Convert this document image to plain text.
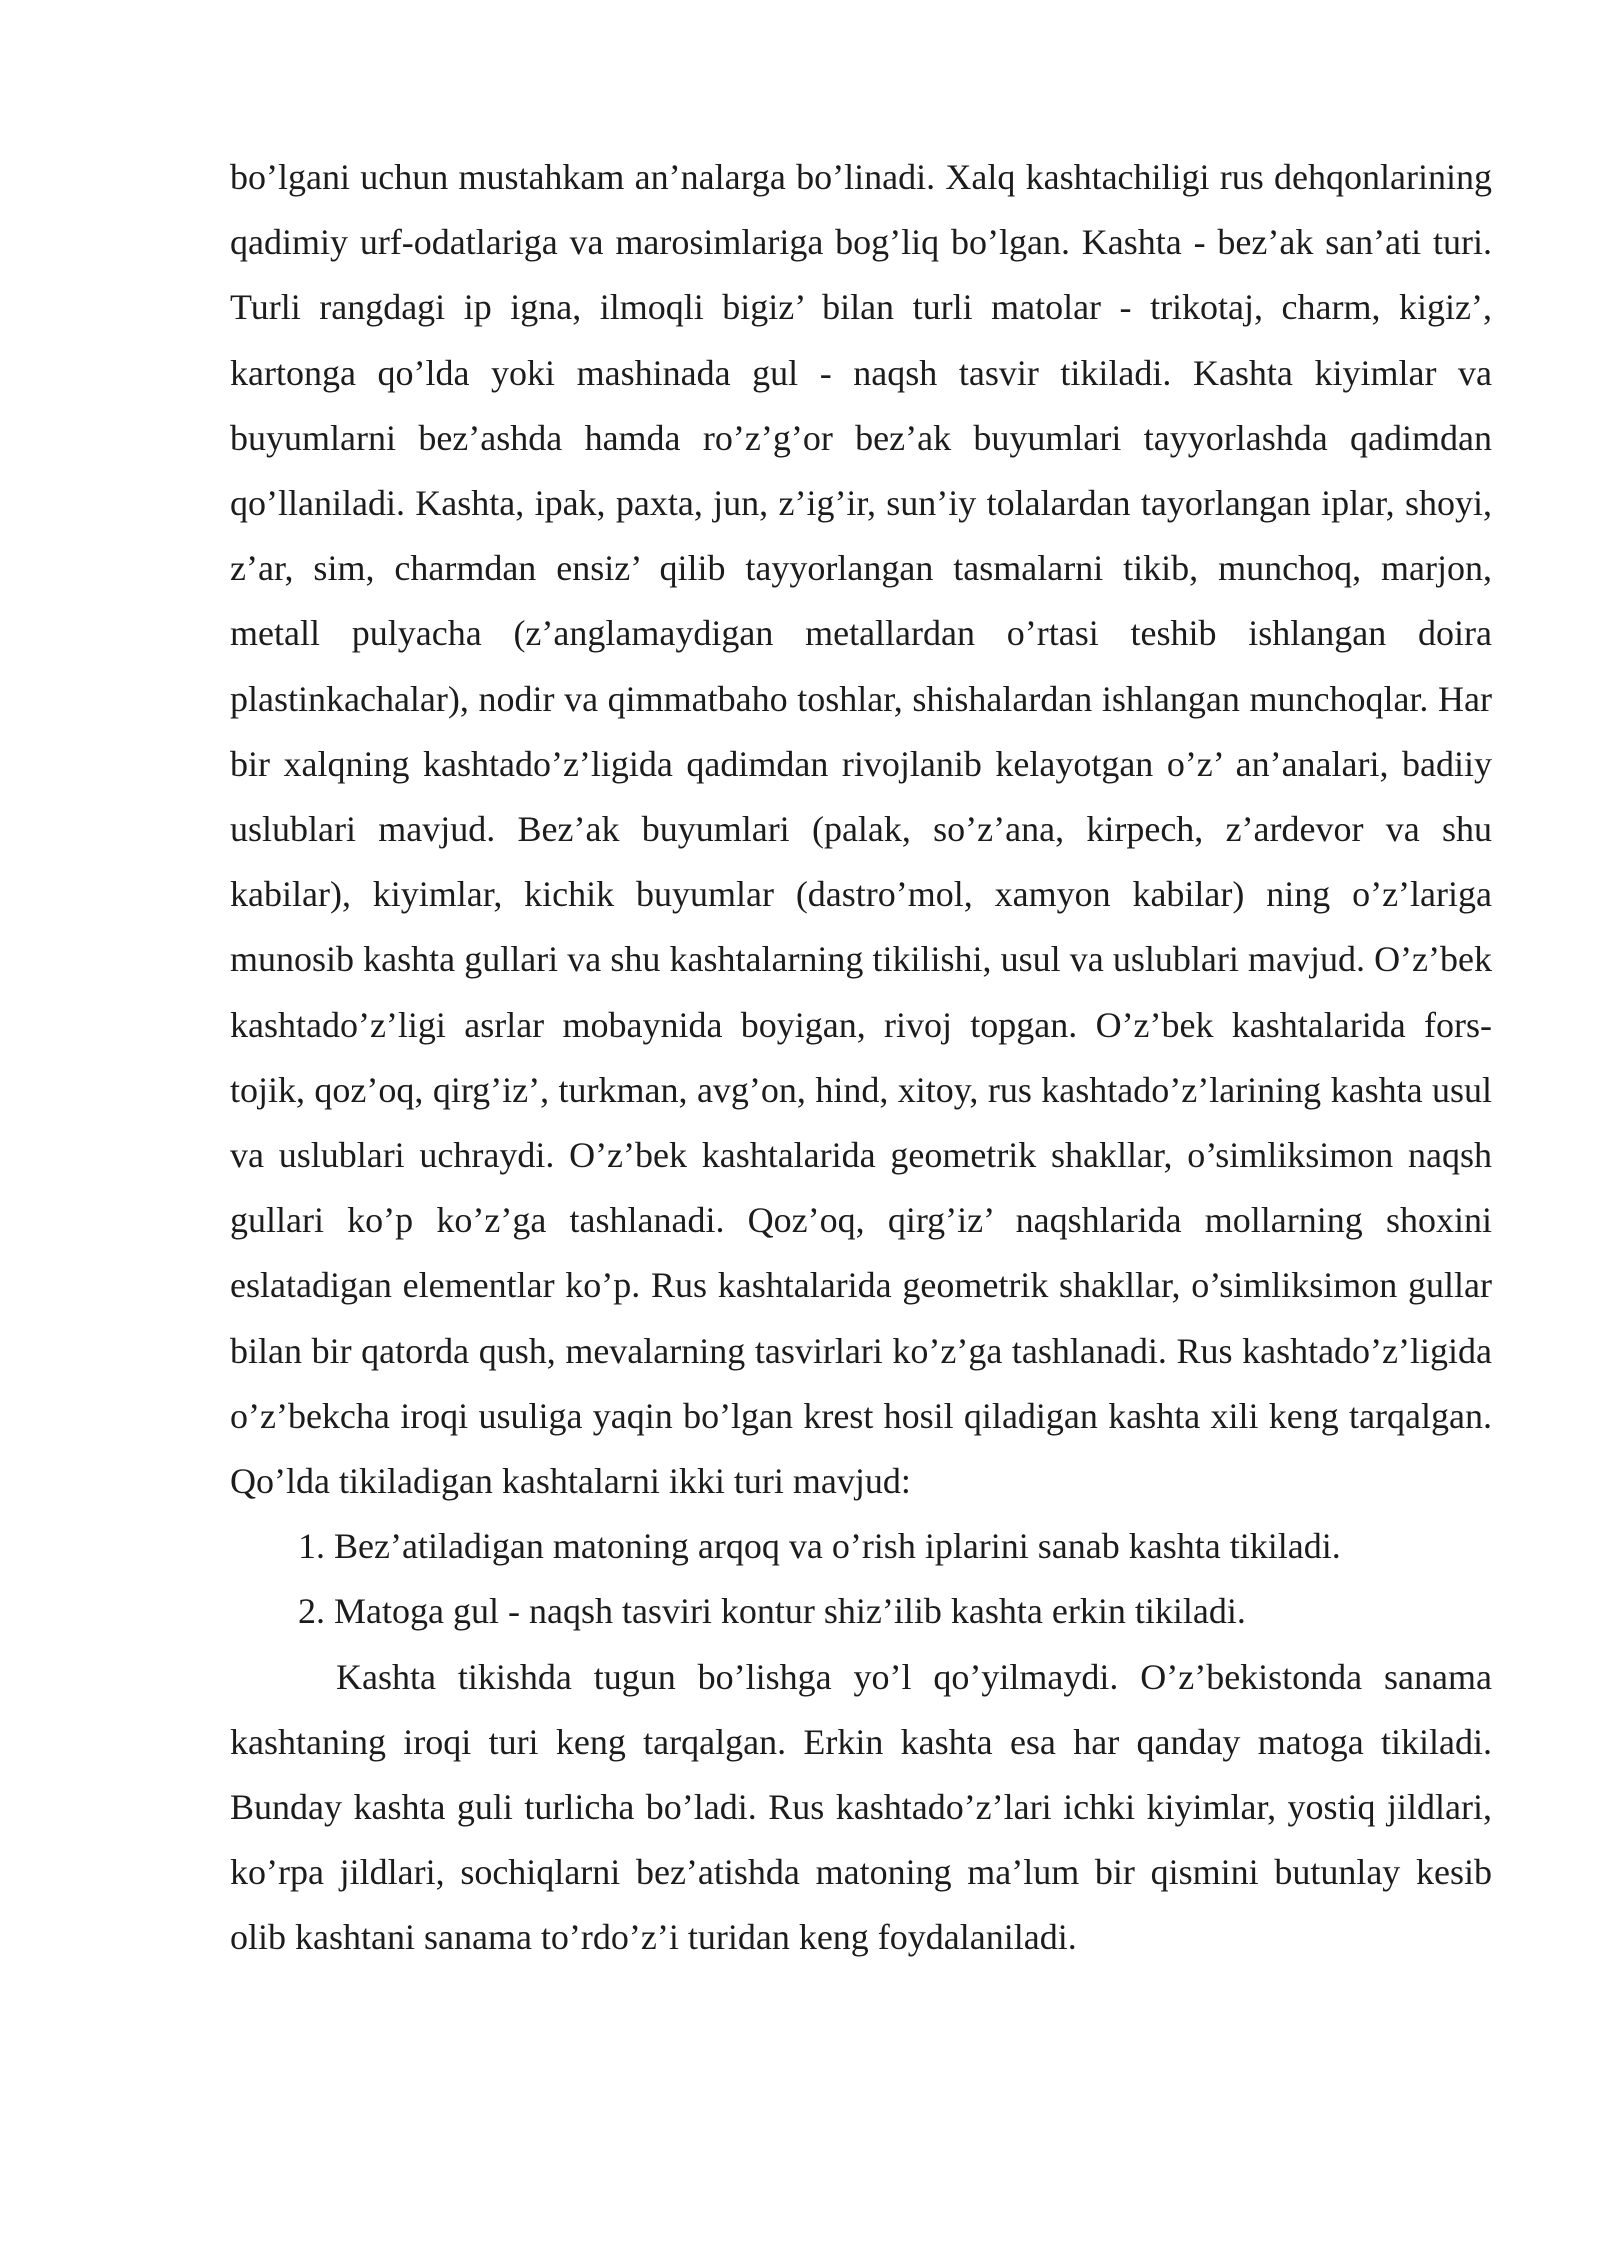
bo’lgani uchun mustahkam an’nalarga bo’linadi. Xalq kashtachiligi rus dehqonlarining qadimiy urf-odatlariga va marosimlariga bog’liq bo’lgan. Kashta - bez’ak san’ati turi. Turli rangdagi ip igna, ilmoqli bigiz’ bilan turli matolar - trikotaj, charm, kigiz’, kartonga qo’lda yoki mashinada gul - naqsh tasvir tikiladi. Kashta kiyimlar va buyumlarni bez’ashda hamda ro’z’g’or bez’ak buyumlari tayyorlashda qadimdan qo’llaniladi. Kashta, ipak, paxta, jun, z’ig’ir, sun’iy tolalardan tayorlangan iplar, shoyi, z’ar, sim, charmdan ensiz’ qilib tayyorlangan tasmalarni tikib, munchoq, marjon, metall pulyacha (z’anglamaydigan metallardan o’rtasi teshib ishlangan doira plastinkachalar), nodir va qimmatbaho toshlar, shishalardan ishlangan munchoqlar. Har bir xalqning kashtado’z’ligida qadimdan rivojlanib kelayotgan o’z’ an’analari, badiiy uslublari mavjud. Bez’ak buyumlari (palak, so’z’ana, kirpech, z’ardevor va shu kabilar), kiyimlar, kichik buyumlar (dastro’mol, xamyon kabilar) ning o’z’lariga munosib kashta gullari va shu kashtalarning tikilishi, usul va uslublari mavjud. O’z’bek kashtado’z’ligi asrlar mobaynida boyigan, rivoj topgan. O’z’bek kashtalarida fors-tojik, qoz’oq, qirg’iz’, turkman, avg’on, hind, xitoy, rus kashtado’z’larining kashta usul va uslublari uchraydi. O’z’bek kashtalarida geometrik shakllar, o’simliksimon naqsh gullari ko’p ko’z’ga tashlanadi. Qoz’oq, qirg’iz’ naqshlarida mollarning shoxini eslatadigan elementlar ko’p. Rus kashtalarida geometrik shakllar, o’simliksimon gullar bilan bir qatorda qush, mevalarning tasvirlari ko’z’ga tashlanadi. Rus kashtado’z’ligida o’z’bekcha iroqi usuliga yaqin bo’lgan krest hosil qiladigan kashta xili keng tarqalgan. Qo’lda tikiladigan kashtalarni ikki turi mavjud:

1. Bez’atiladigan matoning arqoq va o’rish iplarini sanab kashta tikiladi.
2. Matoga gul - naqsh tasviri kontur shiz’ilib kashta erkin tikiladi.

Kashta tikishda tugun bo’lishga yo’l qo’yilmaydi. O’z’bekistonda sanama kashtaning iroqi turi keng tarqalgan. Erkin kashta esa har qanday matoga tikiladi. Bunday kashta guli turlicha bo’ladi. Rus kashtado’z’lari ichki kiyimlar, yostiq jildlari, ko’rpa jildlari, sochiqlarni bez’atishda matoning ma’lum bir qismini butunlay kesib olib kashtani sanama to’rdo’z’i turidan keng foydalaniladi.
